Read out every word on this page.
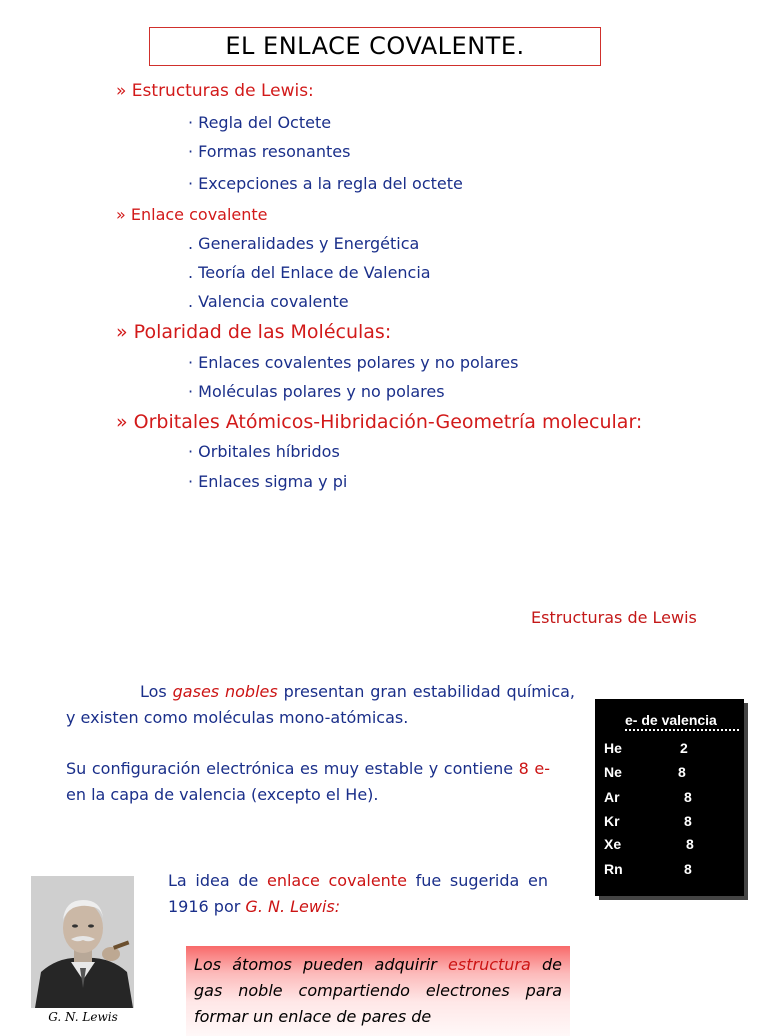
EL ENLACE COVALENTE.
» Estructuras de Lewis:
· Regla del Octete
· Formas resonantes
· Excepciones a la regla del octete
» Enlace covalente
. Generalidades y Energética
. Teoría del Enlace de Valencia
. Valencia covalente
» Polaridad de las Moléculas:
· Enlaces covalentes polares y no polares
· Moléculas polares y no polares
» Orbitales Atómicos-Hibridación-Geometría molecular:
· Orbitales híbridos
· Enlaces sigma y pi
Estructuras de Lewis
Los gases nobles presentan gran estabilidad química, y existen como moléculas mono-atómicas.
Su configuración electrónica es muy estable y contiene 8 e- en la capa de valencia (excepto el He).
e- de valencia
He	2
Ne	8
Ar	8
Kr	8
Xe	8
Rn	8
G. N. Lewis
La idea de enlace covalente fue sugerida en 1916 por G. N. Lewis:
Los átomos pueden adquirir estructura de gas noble compartiendo electrones para formar un enlace de pares de
